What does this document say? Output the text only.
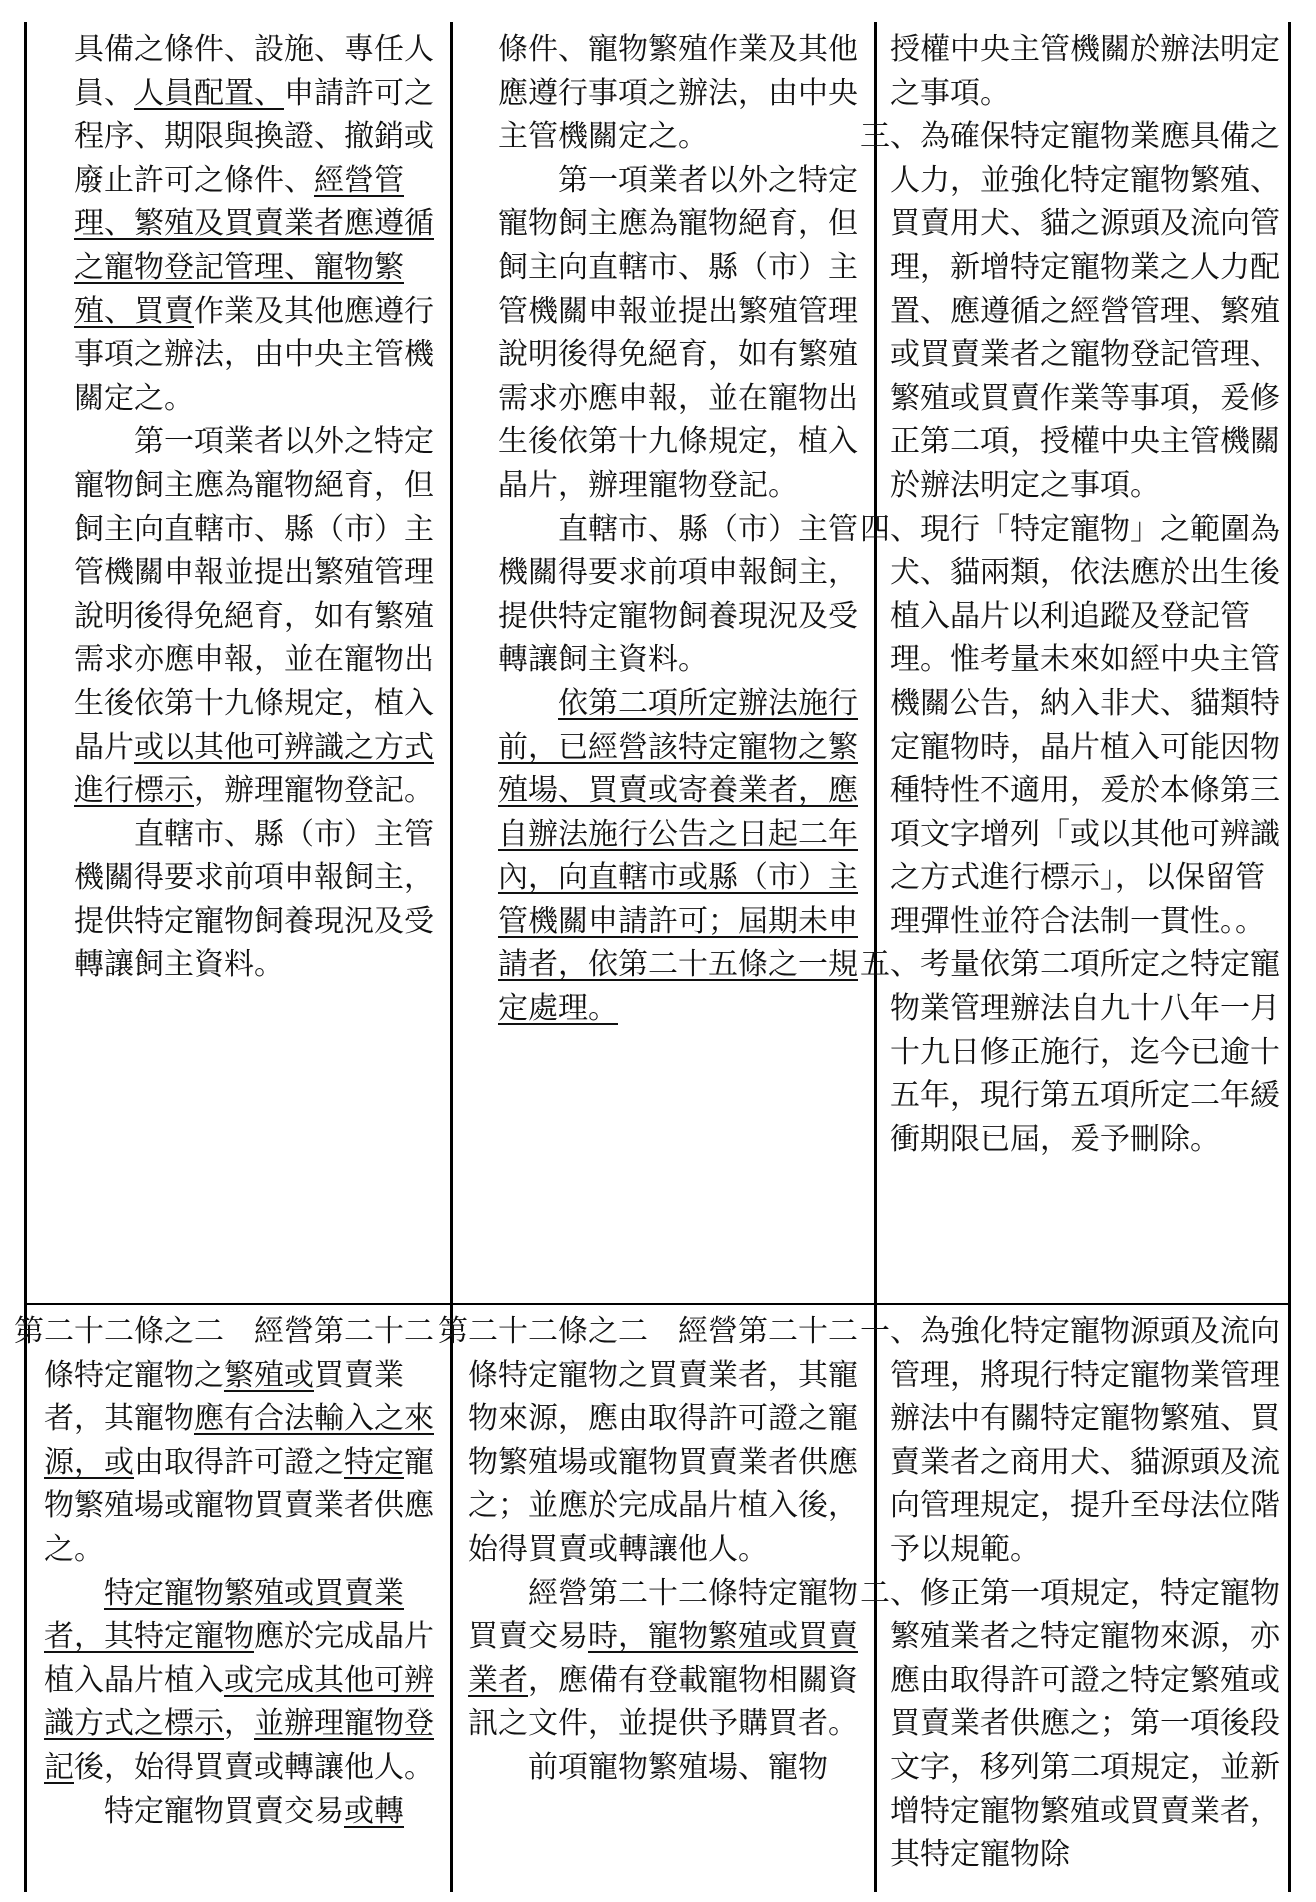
具備之條件、設施、專任人員、人員配置、申請許可之程序、期限與換證、撤銷或廢止許可之條件、經營管理、繁殖及買賣業者應遵循之寵物登記管理、寵物繁殖、買賣作業及其他應遵行事項之辦法，由中央主管機關定之。

第一項業者以外之特定寵物飼主應為寵物絕育，但飼主向直轄市、縣（市）主管機關申報並提出繁殖管理說明後得免絕育，如有繁殖需求亦應申報，並在寵物出生後依第十九條規定，植入晶片或以其他可辨識之方式進行標示，辦理寵物登記。

直轄市、縣（市）主管機關得要求前項申報飼主，提供特定寵物飼養現況及受轉讓飼主資料。

條件、寵物繁殖作業及其他應遵行事項之辦法，由中央主管機關定之。

第一項業者以外之特定寵物飼主應為寵物絕育，但飼主向直轄市、縣（市）主管機關申報並提出繁殖管理說明後得免絕育，如有繁殖需求亦應申報，並在寵物出生後依第十九條規定，植入晶片，辦理寵物登記。

直轄市、縣（市）主管機關得要求前項申報飼主，提供特定寵物飼養現況及受轉讓飼主資料。

依第二項所定辦法施行前，已經營該特定寵物之繁殖場、買賣或寄養業者，應自辦法施行公告之日起二年內，向直轄市或縣（市）主管機關申請許可；屆期未申請者，依第二十五條之一規定處理。

　授權中央主管機關於辦法明定之事項。

三、為確保特定寵物業應具備之人力，並強化特定寵物繁殖、買賣用犬、貓之源頭及流向管理，新增特定寵物業之人力配置、應遵循之經營管理、繁殖或買賣業者之寵物登記管理、繁殖或買賣作業等事項，爰修正第二項，授權中央主管機關於辦法明定之事項。

四、現行「特定寵物」之範圍為犬、貓兩類，依法應於出生後植入晶片以利追蹤及登記管理。惟考量未來如經中央主管機關公告，納入非犬、貓類特定寵物時，晶片植入可能因物種特性不適用，爰於本條第三項文字增列「或以其他可辨識之方式進行標示」，以保留管理彈性並符合法制一貫性。。

五、考量依第二項所定之特定寵物業管理辦法自九十八年一月十九日修正施行，迄今已逾十五年，現行第五項所定二年緩衝期限已屆，爰予刪除。

第二十二條之二　經營第二十二條特定寵物之繁殖或買賣業者，其寵物應有合法輸入之來源，或由取得許可證之特定寵物繁殖場或寵物買賣業者供應之。

特定寵物繁殖或買賣業者，其特定寵物應於完成晶片植入晶片植入或完成其他可辨識方式之標示，並辦理寵物登記後，始得買賣或轉讓他人。

特定寵物買賣交易或轉

第二十二條之二　經營第二十二條特定寵物之買賣業者，其寵物來源，應由取得許可證之寵物繁殖場或寵物買賣業者供應之；並應於完成晶片植入後，始得買賣或轉讓他人。

經營第二十二條特定寵物買賣交易時，寵物繁殖或買賣業者，應備有登載寵物相關資訊之文件，並提供予購買者。

前項寵物繁殖場、寵物

一、為強化特定寵物源頭及流向管理，將現行特定寵物業管理辦法中有關特定寵物繁殖、買賣業者之商用犬、貓源頭及流向管理規定，提升至母法位階予以規範。

二、修正第一項規定，特定寵物繁殖業者之特定寵物來源，亦應由取得許可證之特定繁殖或買賣業者供應之；第一項後段文字，移列第二項規定，並新增特定寵物繁殖或買賣業者，其特定寵物除
